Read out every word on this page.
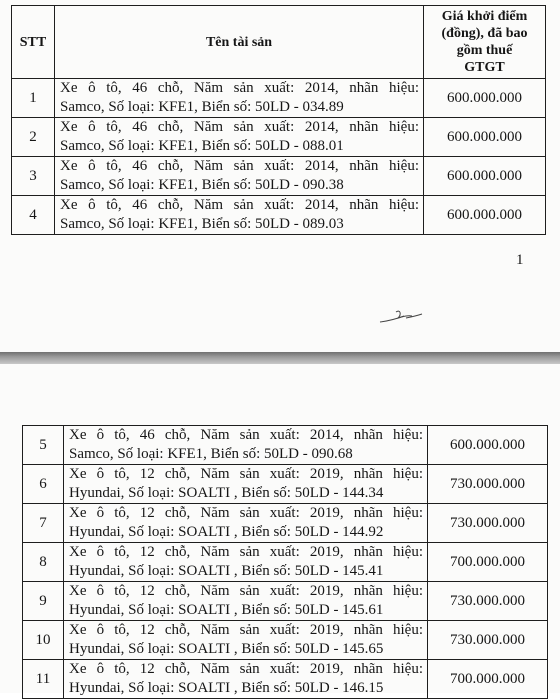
STT	Tên tài sản	Giá khởi điểm
(đồng), đã bao
gồm thuế
GTGT

1	Xe ô tô, 46 chỗ, Năm sản xuất: 2014, nhãn hiệu:
Samco, Số loại: KFE1, Biển số: 50LD - 034.89	600.000.000
2	Xe ô tô, 46 chỗ, Năm sản xuất: 2014, nhãn hiệu:
Samco, Số loại: KFE1, Biển số: 50LD - 088.01	600.000.000
3	Xe ô tô, 46 chỗ, Năm sản xuất: 2014, nhãn hiệu:
Samco, Số loại: KFE1, Biển số: 50LD - 090.38	600.000.000
4	Xe ô tô, 46 chỗ, Năm sản xuất: 2014, nhãn hiệu:
Samco, Số loại: KFE1, Biển số: 50LD - 089.03	600.000.000
1
5	Xe ô tô, 46 chỗ, Năm sản xuất: 2014, nhãn hiệu:
Samco, Số loại: KFE1, Biển số: 50LD - 090.68	600.000.000
6	Xe ô tô, 12 chỗ, Năm sản xuất: 2019, nhãn hiệu:
Hyundai, Số loại: SOALTI , Biển số: 50LD - 144.34	730.000.000
7	Xe ô tô, 12 chỗ, Năm sản xuất: 2019, nhãn hiệu:
Hyundai, Số loại: SOALTI , Biển số: 50LD - 144.92	730.000.000
8	Xe ô tô, 12 chỗ, Năm sản xuất: 2019, nhãn hiệu:
Hyundai, Số loại: SOALTI , Biển số: 50LD - 145.41	700.000.000
9	Xe ô tô, 12 chỗ, Năm sản xuất: 2019, nhãn hiệu:
Hyundai, Số loại: SOALTI , Biển số: 50LD - 145.61	730.000.000
10	Xe ô tô, 12 chỗ, Năm sản xuất: 2019, nhãn hiệu:
Hyundai, Số loại: SOALTI , Biển số: 50LD - 145.65	730.000.000
11	Xe ô tô, 12 chỗ, Năm sản xuất: 2019, nhãn hiệu:
Hyundai, Số loại: SOALTI , Biển số: 50LD - 146.15	700.000.000
